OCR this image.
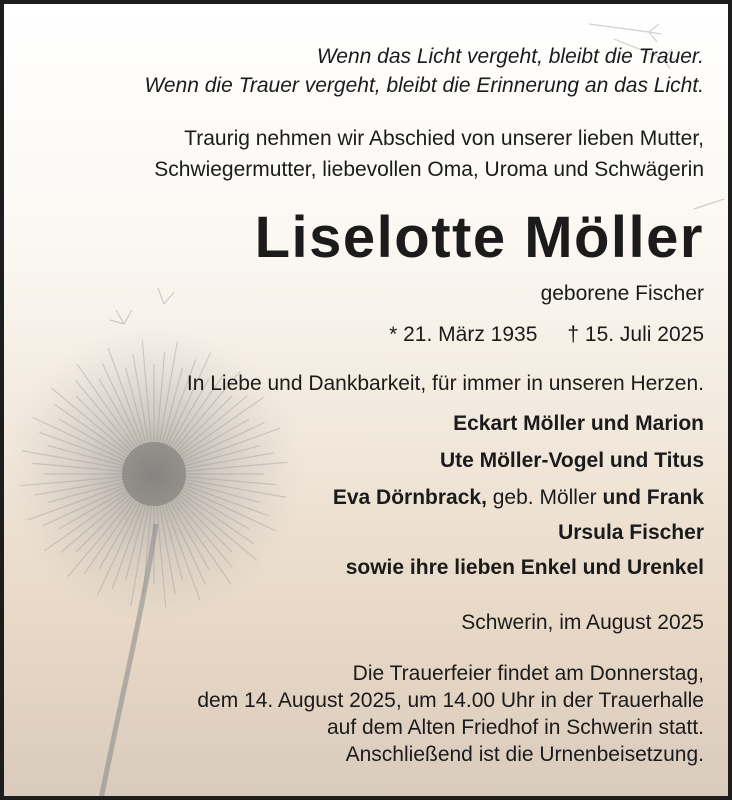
Wenn das Licht vergeht, bleibt die Trauer.
Wenn die Trauer vergeht, bleibt die Erinnerung an das Licht.
Traurig nehmen wir Abschied von unserer lieben Mutter,
Schwiegermutter, liebevollen Oma, Uroma und Schwägerin
Liselotte Möller
geborene Fischer
* 21. März 1935 † 15. Juli 2025
In Liebe und Dankbarkeit, für immer in unseren Herzen.
Eckart Möller und Marion
Ute Möller-Vogel und Titus
Eva Dörnbrack, geb. Möller und Frank
Ursula Fischer
sowie ihre lieben Enkel und Urenkel
Schwerin, im August 2025
Die Trauerfeier findet am Donnerstag,
dem 14. August 2025, um 14.00 Uhr in der Trauerhalle
auf dem Alten Friedhof in Schwerin statt.
Anschließend ist die Urnenbeisetzung.
